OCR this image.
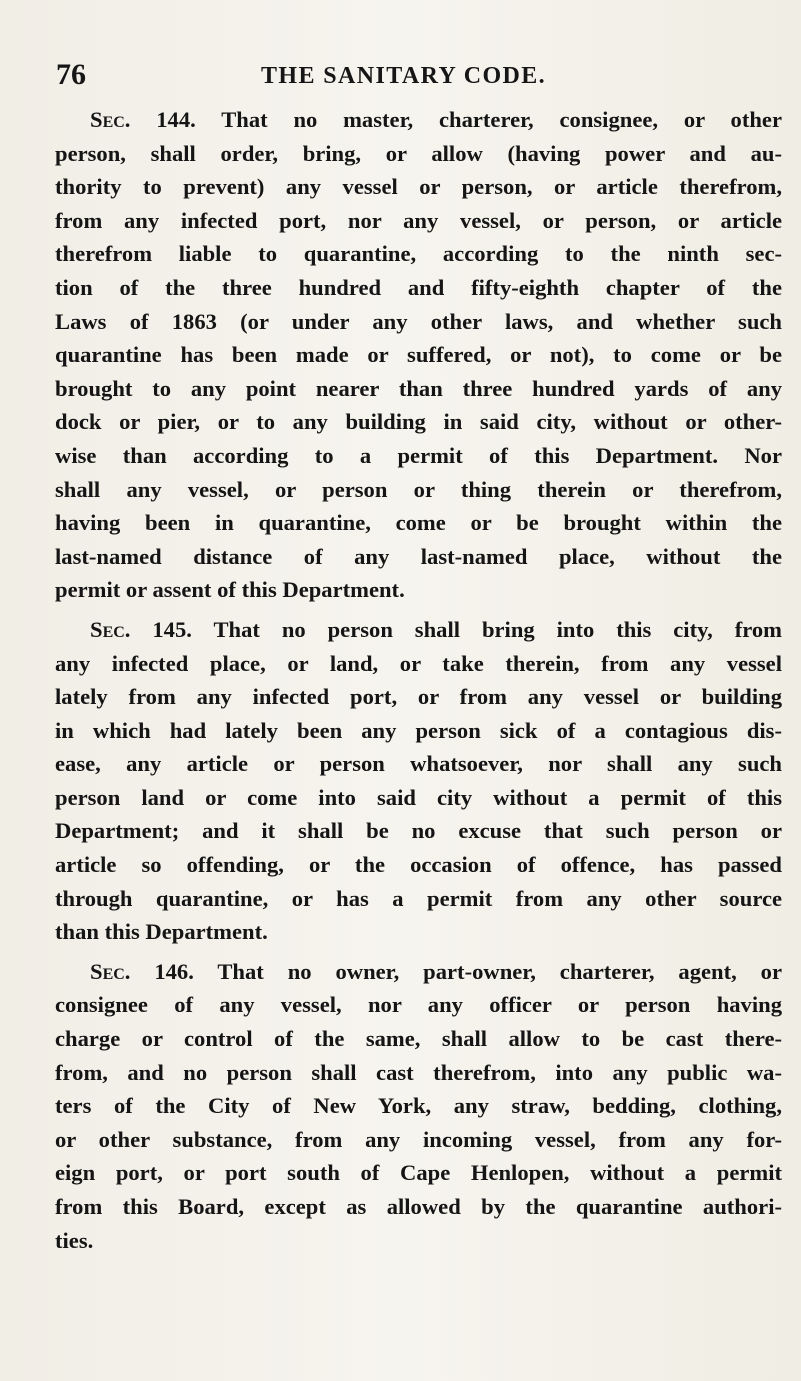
76	THE SANITARY CODE.
Sec. 144. That no master, charterer, consignee, or other
person, shall order, bring, or allow (having power and au-
thority to prevent) any vessel or person, or article therefrom,
from any infected port, nor any vessel, or person, or article
therefrom liable to quarantine, according to the ninth sec-
tion of the three hundred and fifty-eighth chapter of the
Laws of 1863 (or under any other laws, and whether such
quarantine has been made or suffered, or not), to come or be
brought to any point nearer than three hundred yards of any
dock or pier, or to any building in said city, without or other-
wise than according to a permit of this Department. Nor
shall any vessel, or person or thing therein or therefrom,
having been in quarantine, come or be brought within the
last-named distance of any last-named place, without the
permit or assent of this Department.
Sec. 145. That no person shall bring into this city, from
any infected place, or land, or take therein, from any vessel
lately from any infected port, or from any vessel or building
in which had lately been any person sick of a contagious dis-
ease, any article or person whatsoever, nor shall any such
person land or come into said city without a permit of this
Department; and it shall be no excuse that such person or
article so offending, or the occasion of offence, has passed
through quarantine, or has a permit from any other source
than this Department.
Sec. 146. That no owner, part-owner, charterer, agent, or
consignee of any vessel, nor any officer or person having
charge or control of the same, shall allow to be cast there-
from, and no person shall cast therefrom, into any public wa-
ters of the City of New York, any straw, bedding, clothing,
or other substance, from any incoming vessel, from any for-
eign port, or port south of Cape Henlopen, without a permit
from this Board, except as allowed by the quarantine authori-
ties.
